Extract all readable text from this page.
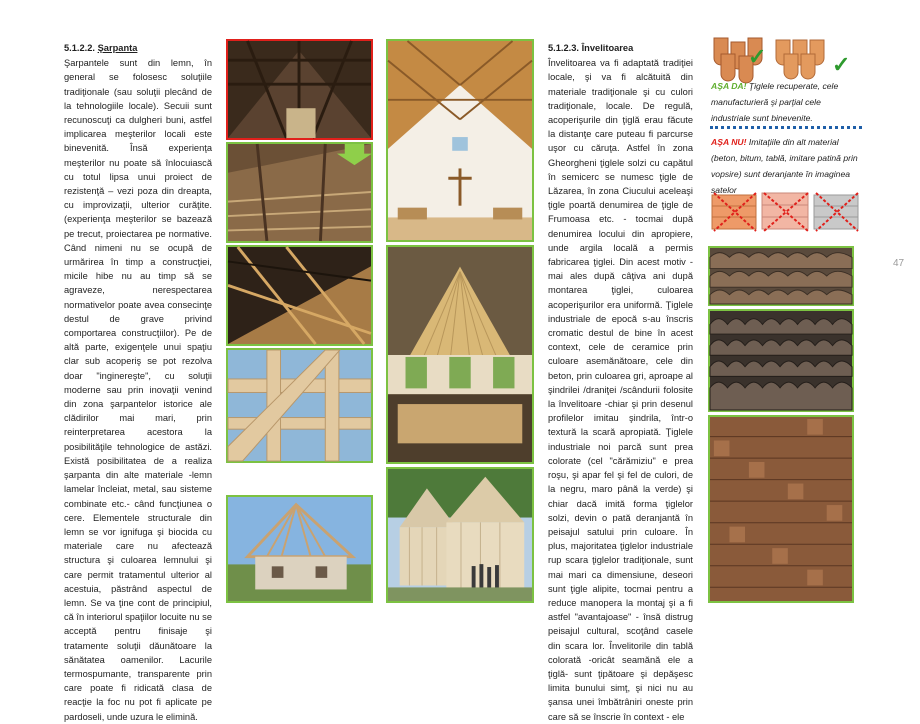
5.1.2.2. Şarpanta
Şarpantele sunt din lemn, în general se folosesc soluţiile tradiţionale (sau soluţii plecând de la tehnologiile locale). Secuii sunt recunoscuţi ca dulgheri buni, astfel implicarea meşterilor locali este binevenită. Însă experienţa meşterilor nu poate să înlocuiască cu totul lipsa unui proiect de rezistenţă – vezi poza din dreapta, cu improvizaţii, ulterior curăţite. (experienţa meşterilor se bazează pe trecut, proiectarea pe normative. Când nimeni nu se ocupă de urmărirea în timp a construcţiei, micile hibe nu au timp să se agraveze, nerespectarea normativelor poate avea consecinţe destul de grave privind comportarea construcţiilor). Pe de altă parte, exigenţele unui spaţiu clar sub acoperiş se pot rezolva doar "inginereşte", cu soluţii moderne sau prin inovaţii venind din zona şarpantelor istorice ale clădirilor mai mari, prin reinterpretarea acestora la posibilităţile tehnologice de astăzi. Există posibilitatea de a realiza şarpanta din alte materiale -lemn lamelar încleiat, metal, sau sisteme combinate etc.- când funcţiunea o cere. Elementele structurale din lemn se vor ignifuga şi biocida cu materiale care nu afectează structura şi culoarea lemnului şi care permit tratamentul ulterior al acestuia, păstrând aspectul de lemn. Se va ţine cont de principiul, că în interiorul spaţiilor locuite nu se acceptă pentru finisaje şi tratamente soluţii dăunătoare la sănătatea oamenilor. Lacurile termospumante, transparente prin care poate fi ridicată clasa de reacţie la foc nu pot fi aplicate pe pardoseli, unde uzura le elimină.
5.1.2.3. Învelitoarea
Învelitoarea va fi adaptată tradiţiei locale, şi va fi alcătuită din materiale tradiţionale şi cu culori tradiţionale, locale. De regulă, acoperişurile din ţiglă erau făcute la distanţe care puteau fi parcurse uşor cu căruţa. Astfel în zona Gheorgheni ţiglele solzi cu capătul în semicerc se numesc ţigle de Lăzarea, în zona Ciucului aceleaşi ţigle poartă denumirea de ţigle de Frumoasa etc. - tocmai după denumirea locului din apropiere, unde argila locală a permis fabricarea ţiglei. Din acest motiv -mai ales după câţiva ani după montarea ţiglei, culoarea acoperişurilor era uniformă. Ţiglele industriale de epocă s-au înscris cromatic destul de bine în acest context, cele de ceramice prin culoare asemănătoare, cele din beton, prin culoarea gri, aproape al şindrilei /draniţei /scândurii folosite la învelitoare -chiar şi prin desenul profilelor imitau şindrila, într-o textură la scară apropiată. Ţiglele industriale noi parcă sunt prea colorate (cel "cărămiziu" e prea roşu, şi apar fel şi fel de culori, de la negru, maro până la verde) şi chiar dacă imită forma ţiglelor solzi, devin o pată deranjantă în peisajul satului prin culoare. În plus, majoritatea ţiglelor industriale rup scara ţiglelor tradiţionale, sunt mai mari ca dimensiune, deseori sunt ţigle alipite, tocmai pentru a reduce manopera la montaj şi a fi astfel "avantajoase" - însă distrug peisajul cultural, scoţând casele din scara lor. Învelitorile din tablă colorată -oricât seamănă ele a ţiglă- sunt ţipătoare şi depăşesc limita bunului simţ, şi nici nu au şansa unei îmbătrâniri oneste prin care să se înscrie în context - ele
✓	✓
AŞA DA! Ţiglele recuperate, cele manufacturieră şi parţial cele industriale sunt binevenite.
AŞA NU! Imitaţiile din alt material (beton, bitum, tablă, imitare patină prin vopsire) sunt deranjante în imaginea satelor
47
